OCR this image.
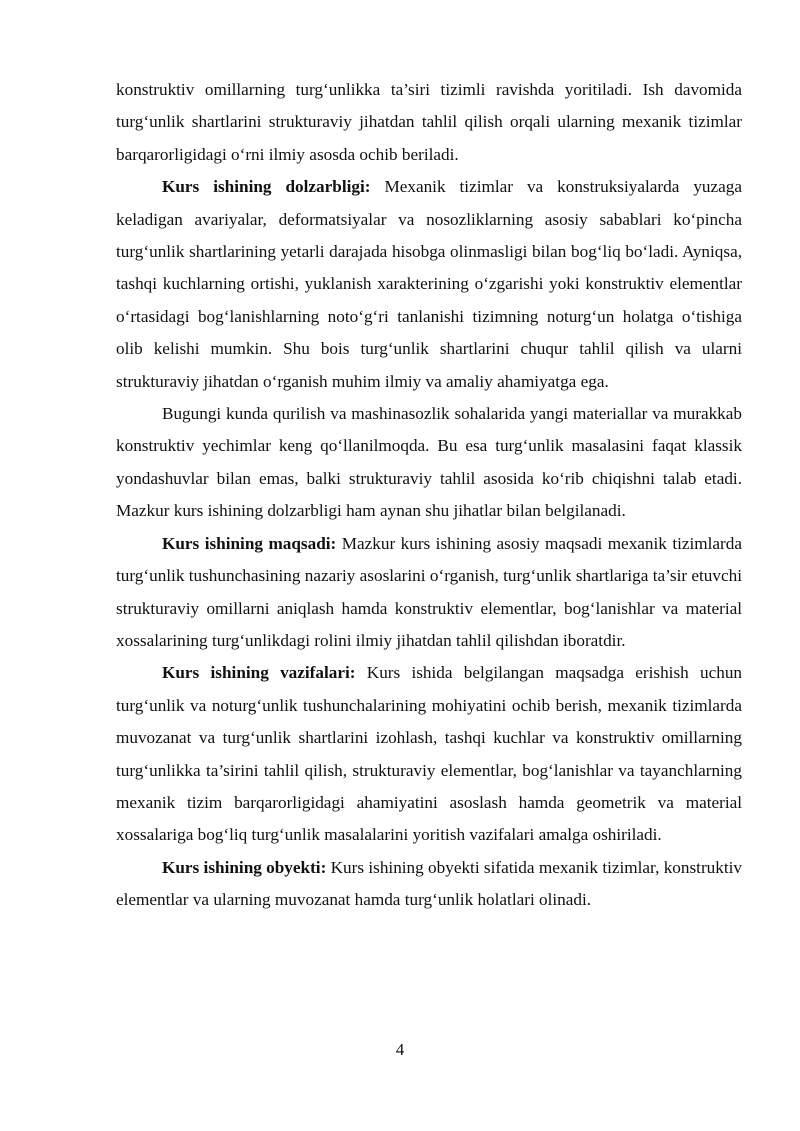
konstruktiv omillarning turg‘unlikka ta’siri tizimli ravishda yoritiladi. Ish davomida turg‘unlik shartlarini strukturaviy jihatdan tahlil qilish orqali ularning mexanik tizimlar barqarorligidagi o‘rni ilmiy asosda ochib beriladi.

Kurs ishining dolzarbligi: Mexanik tizimlar va konstruksiyalarda yuzaga keladigan avariyalar, deformatsiyalar va nosozliklarning asosiy sabablari ko‘pincha turg‘unlik shartlarining yetarli darajada hisobga olinmasligi bilan bog‘liq bo‘ladi. Ayniqsa, tashqi kuchlarning ortishi, yuklanish xarakterining o‘zgarishi yoki konstruktiv elementlar o‘rtasidagi bog‘lanishlarning noto‘g‘ri tanlanishi tizimning noturg‘un holatga o‘tishiga olib kelishi mumkin. Shu bois turg‘unlik shartlarini chuqur tahlil qilish va ularni strukturaviy jihatdan o‘rganish muhim ilmiy va amaliy ahamiyatga ega.

Bugungi kunda qurilish va mashinasozlik sohalarida yangi materiallar va murakkab konstruktiv yechimlar keng qo‘llanilmoqda. Bu esa turg‘unlik masalasini faqat klassik yondashuvlar bilan emas, balki strukturaviy tahlil asosida ko‘rib chiqishni talab etadi. Mazkur kurs ishining dolzarbligi ham aynan shu jihatlar bilan belgilanadi.

Kurs ishining maqsadi: Mazkur kurs ishining asosiy maqsadi mexanik tizimlarda turg‘unlik tushunchasining nazariy asoslarini o‘rganish, turg‘unlik shartlariga ta’sir etuvchi strukturaviy omillarni aniqlash hamda konstruktiv elementlar, bog‘lanishlar va material xossalarining turg‘unlikdagi rolini ilmiy jihatdan tahlil qilishdan iboratdir.

Kurs ishining vazifalari: Kurs ishida belgilangan maqsadga erishish uchun turg‘unlik va noturg‘unlik tushunchalarining mohiyatini ochib berish, mexanik tizimlarda muvozanat va turg‘unlik shartlarini izohlash, tashqi kuchlar va konstruktiv omillarning turg‘unlikka ta’sirini tahlil qilish, strukturaviy elementlar, bog‘lanishlar va tayanchlarning mexanik tizim barqarorligidagi ahamiyatini asoslash hamda geometrik va material xossalariga bog‘liq turg‘unlik masalalarini yoritish vazifalari amalga oshiriladi.

Kurs ishining obyekti: Kurs ishining obyekti sifatida mexanik tizimlar, konstruktiv elementlar va ularning muvozanat hamda turg‘unlik holatlari olinadi.

4
